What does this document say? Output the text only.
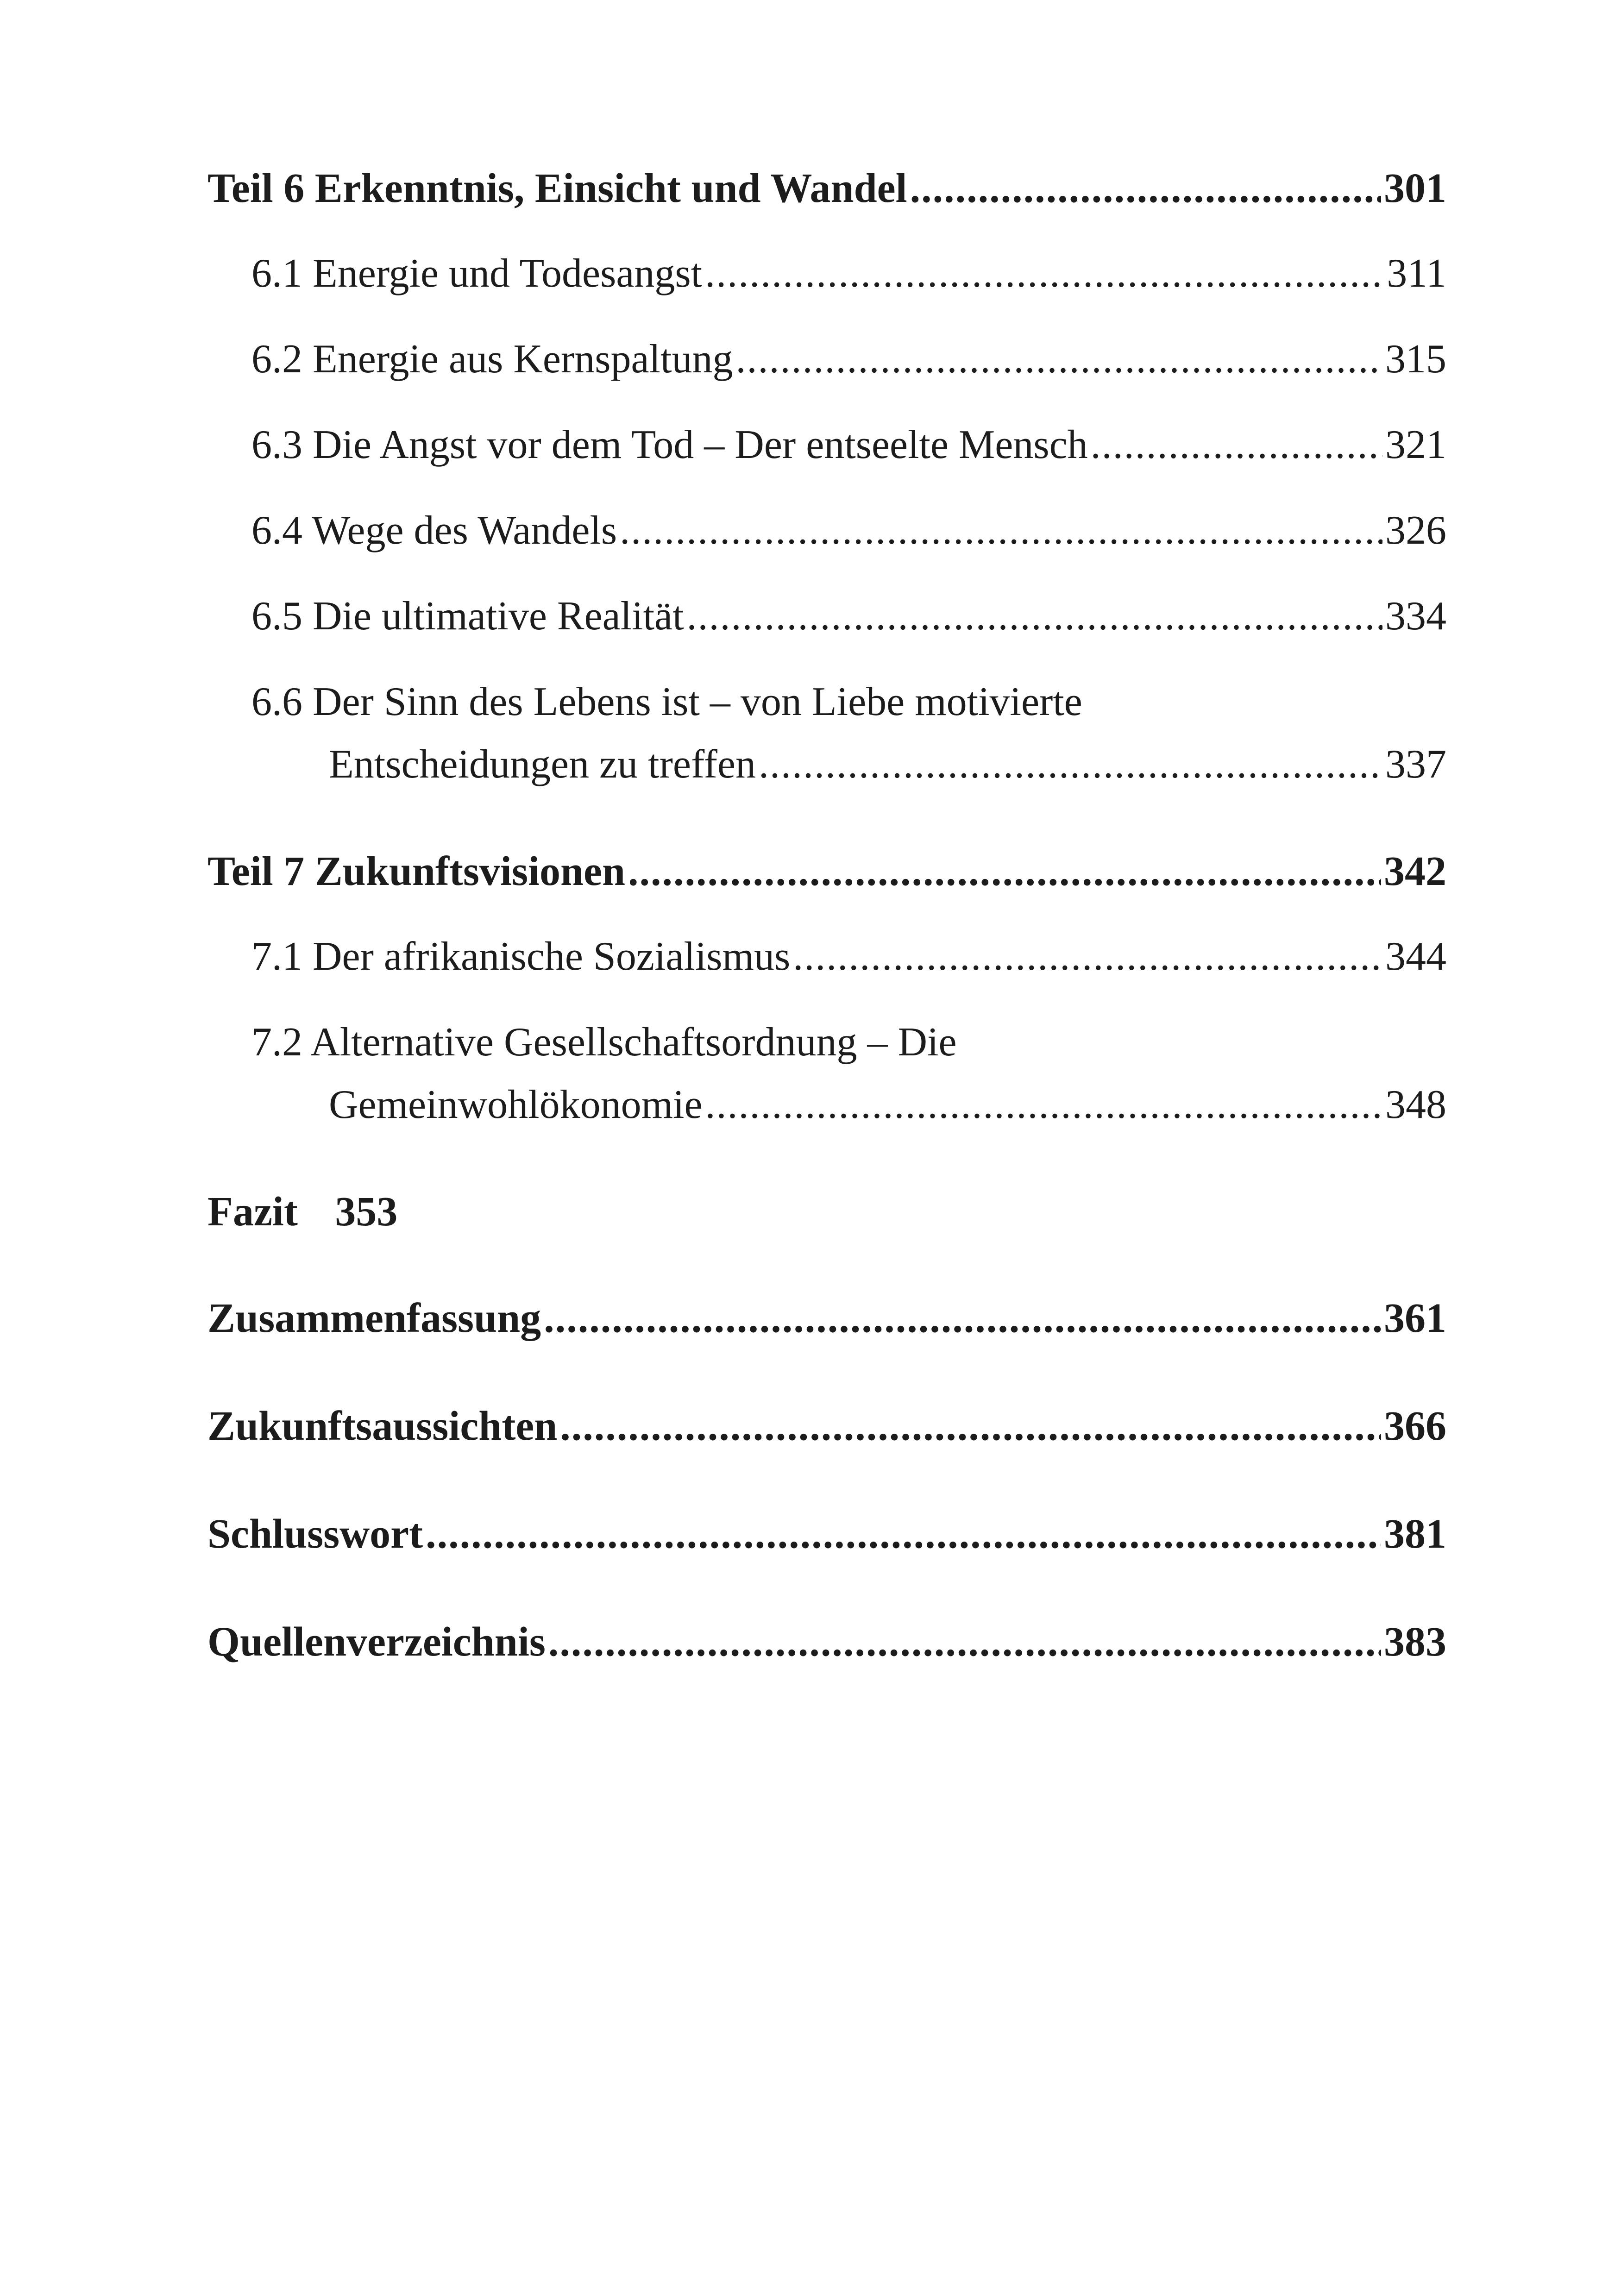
Teil 6 Erkenntnis, Einsicht und Wandel .....	301
6.1 Energie und Todesangst .....	311
6.2 Energie aus Kernspaltung .....	315
6.3 Die Angst vor dem Tod – Der entseelte Mensch .....	321
6.4 Wege des Wandels .....	326
6.5 Die ultimative Realität .....	334
6.6 Der Sinn des Lebens ist – von Liebe motivierte
Entscheidungen zu treffen .....	337
Teil 7 Zukunftsvisionen .....	342
7.1 Der afrikanische Sozialismus .....	344
7.2 Alternative Gesellschaftsordnung – Die
Gemeinwohlökonomie .....	348
Fazit 353
Zusammenfassung .....	361
Zukunftsaussichten .....	366
Schlusswort .....	381
Quellenverzeichnis .....	383
